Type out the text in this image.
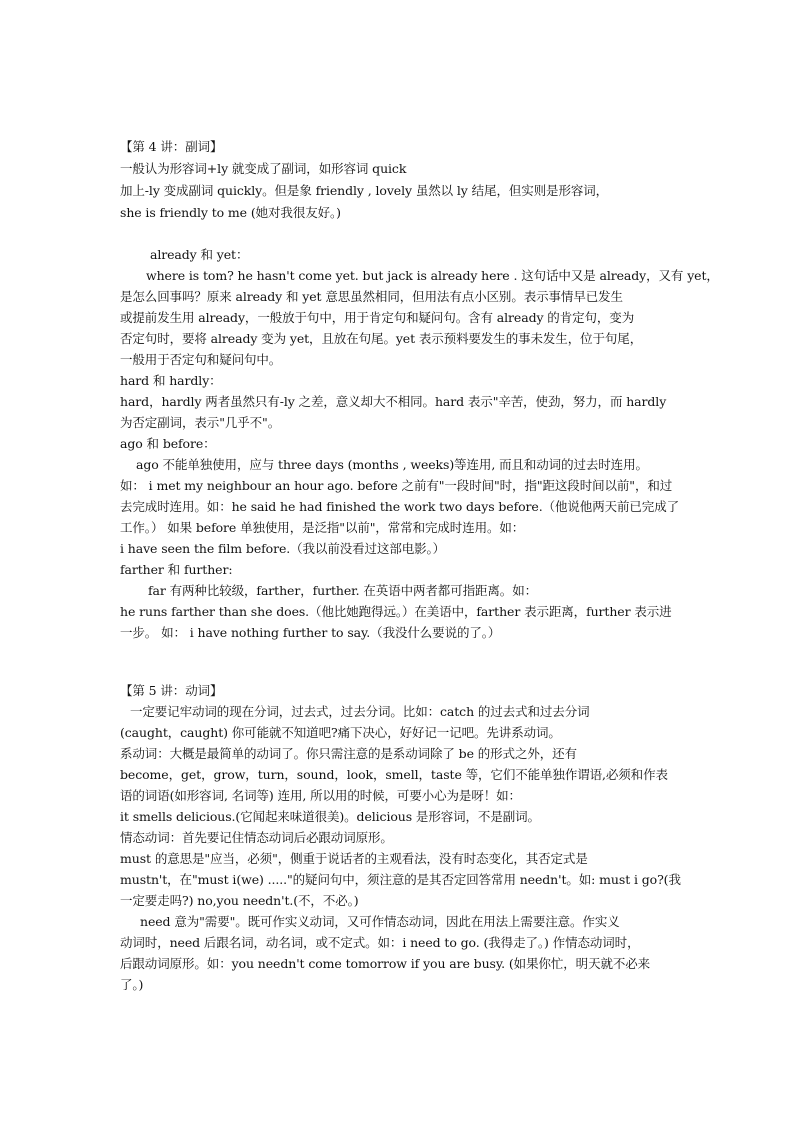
【第 4 讲：副词】
一般认为形容词+ly 就变成了副词，如形容词 quick
加上-ly 变成副词 quickly。但是象 friendly , lovely 虽然以 ly 结尾，但实则是形容词，
she is friendly to me (她对我很友好。)
already 和 yet：
where is tom? he hasn't come yet. but jack is already here . 这句话中又是 already，又有 yet，
是怎么回事吗？原来 already 和 yet 意思虽然相同，但用法有点小区别。表示事情早已发生
或提前发生用 already，一般放于句中，用于肯定句和疑问句。含有 already 的肯定句，变为
否定句时，要将 already 变为 yet，且放在句尾。yet 表示预料要发生的事未发生，位于句尾，
一般用于否定句和疑问句中。
hard 和 hardly：
hard，hardly 两者虽然只有-ly 之差，意义却大不相同。hard 表示"辛苦，使劲，努力，而 hardly
为否定副词，表示"几乎不"。
ago 和 before：
ago 不能单独使用，应与 three days (months , weeks)等连用, 而且和动词的过去时连用。
如： i met my neighbour an hour ago. before 之前有"一段时间"时，指"距这段时间以前"，和过
去完成时连用。如：he said he had finished the work two days before.（他说他两天前已完成了
工作。） 如果 before 单独使用，是泛指"以前"，常常和完成时连用。如：
i have seen the film before.（我以前没看过这部电影。）
farther 和 further:
far 有两种比较级，farther，further. 在英语中两者都可指距离。如：
he runs farther than she does.（他比她跑得远。）在美语中，farther 表示距离，further 表示进
一步。 如： i have nothing further to say.（我没什么要说的了。）
【第 5 讲：动词】
一定要记牢动词的现在分词，过去式，过去分词。比如：catch 的过去式和过去分词
(caught，caught) 你可能就不知道吧?痛下决心，好好记一记吧。先讲系动词。
系动词：大概是最简单的动词了。你只需注意的是系动词除了 be 的形式之外，还有
become，get，grow，turn，sound，look，smell，taste 等，它们不能单独作谓语,必须和作表
语的词语(如形容词, 名词等) 连用, 所以用的时候，可要小心为是呀！如：
it smells delicious.(它闻起来味道很美)。delicious 是形容词，不是副词。
情态动词：首先要记住情态动词后必跟动词原形。
must 的意思是"应当，必须"，侧重于说话者的主观看法，没有时态变化，其否定式是
mustn't，在"must i(we) ....."的疑问句中，须注意的是其否定回答常用 needn't。如: must i go?(我
一定要走吗?) no,you needn't.(不，不必。)
need 意为"需要"。既可作实义动词，又可作情态动词，因此在用法上需要注意。作实义
动词时，need 后跟名词，动名词，或不定式。如：i need to go. (我得走了。) 作情态动词时，
后跟动词原形。如：you needn't come tomorrow if you are busy. (如果你忙，明天就不必来
了。)
